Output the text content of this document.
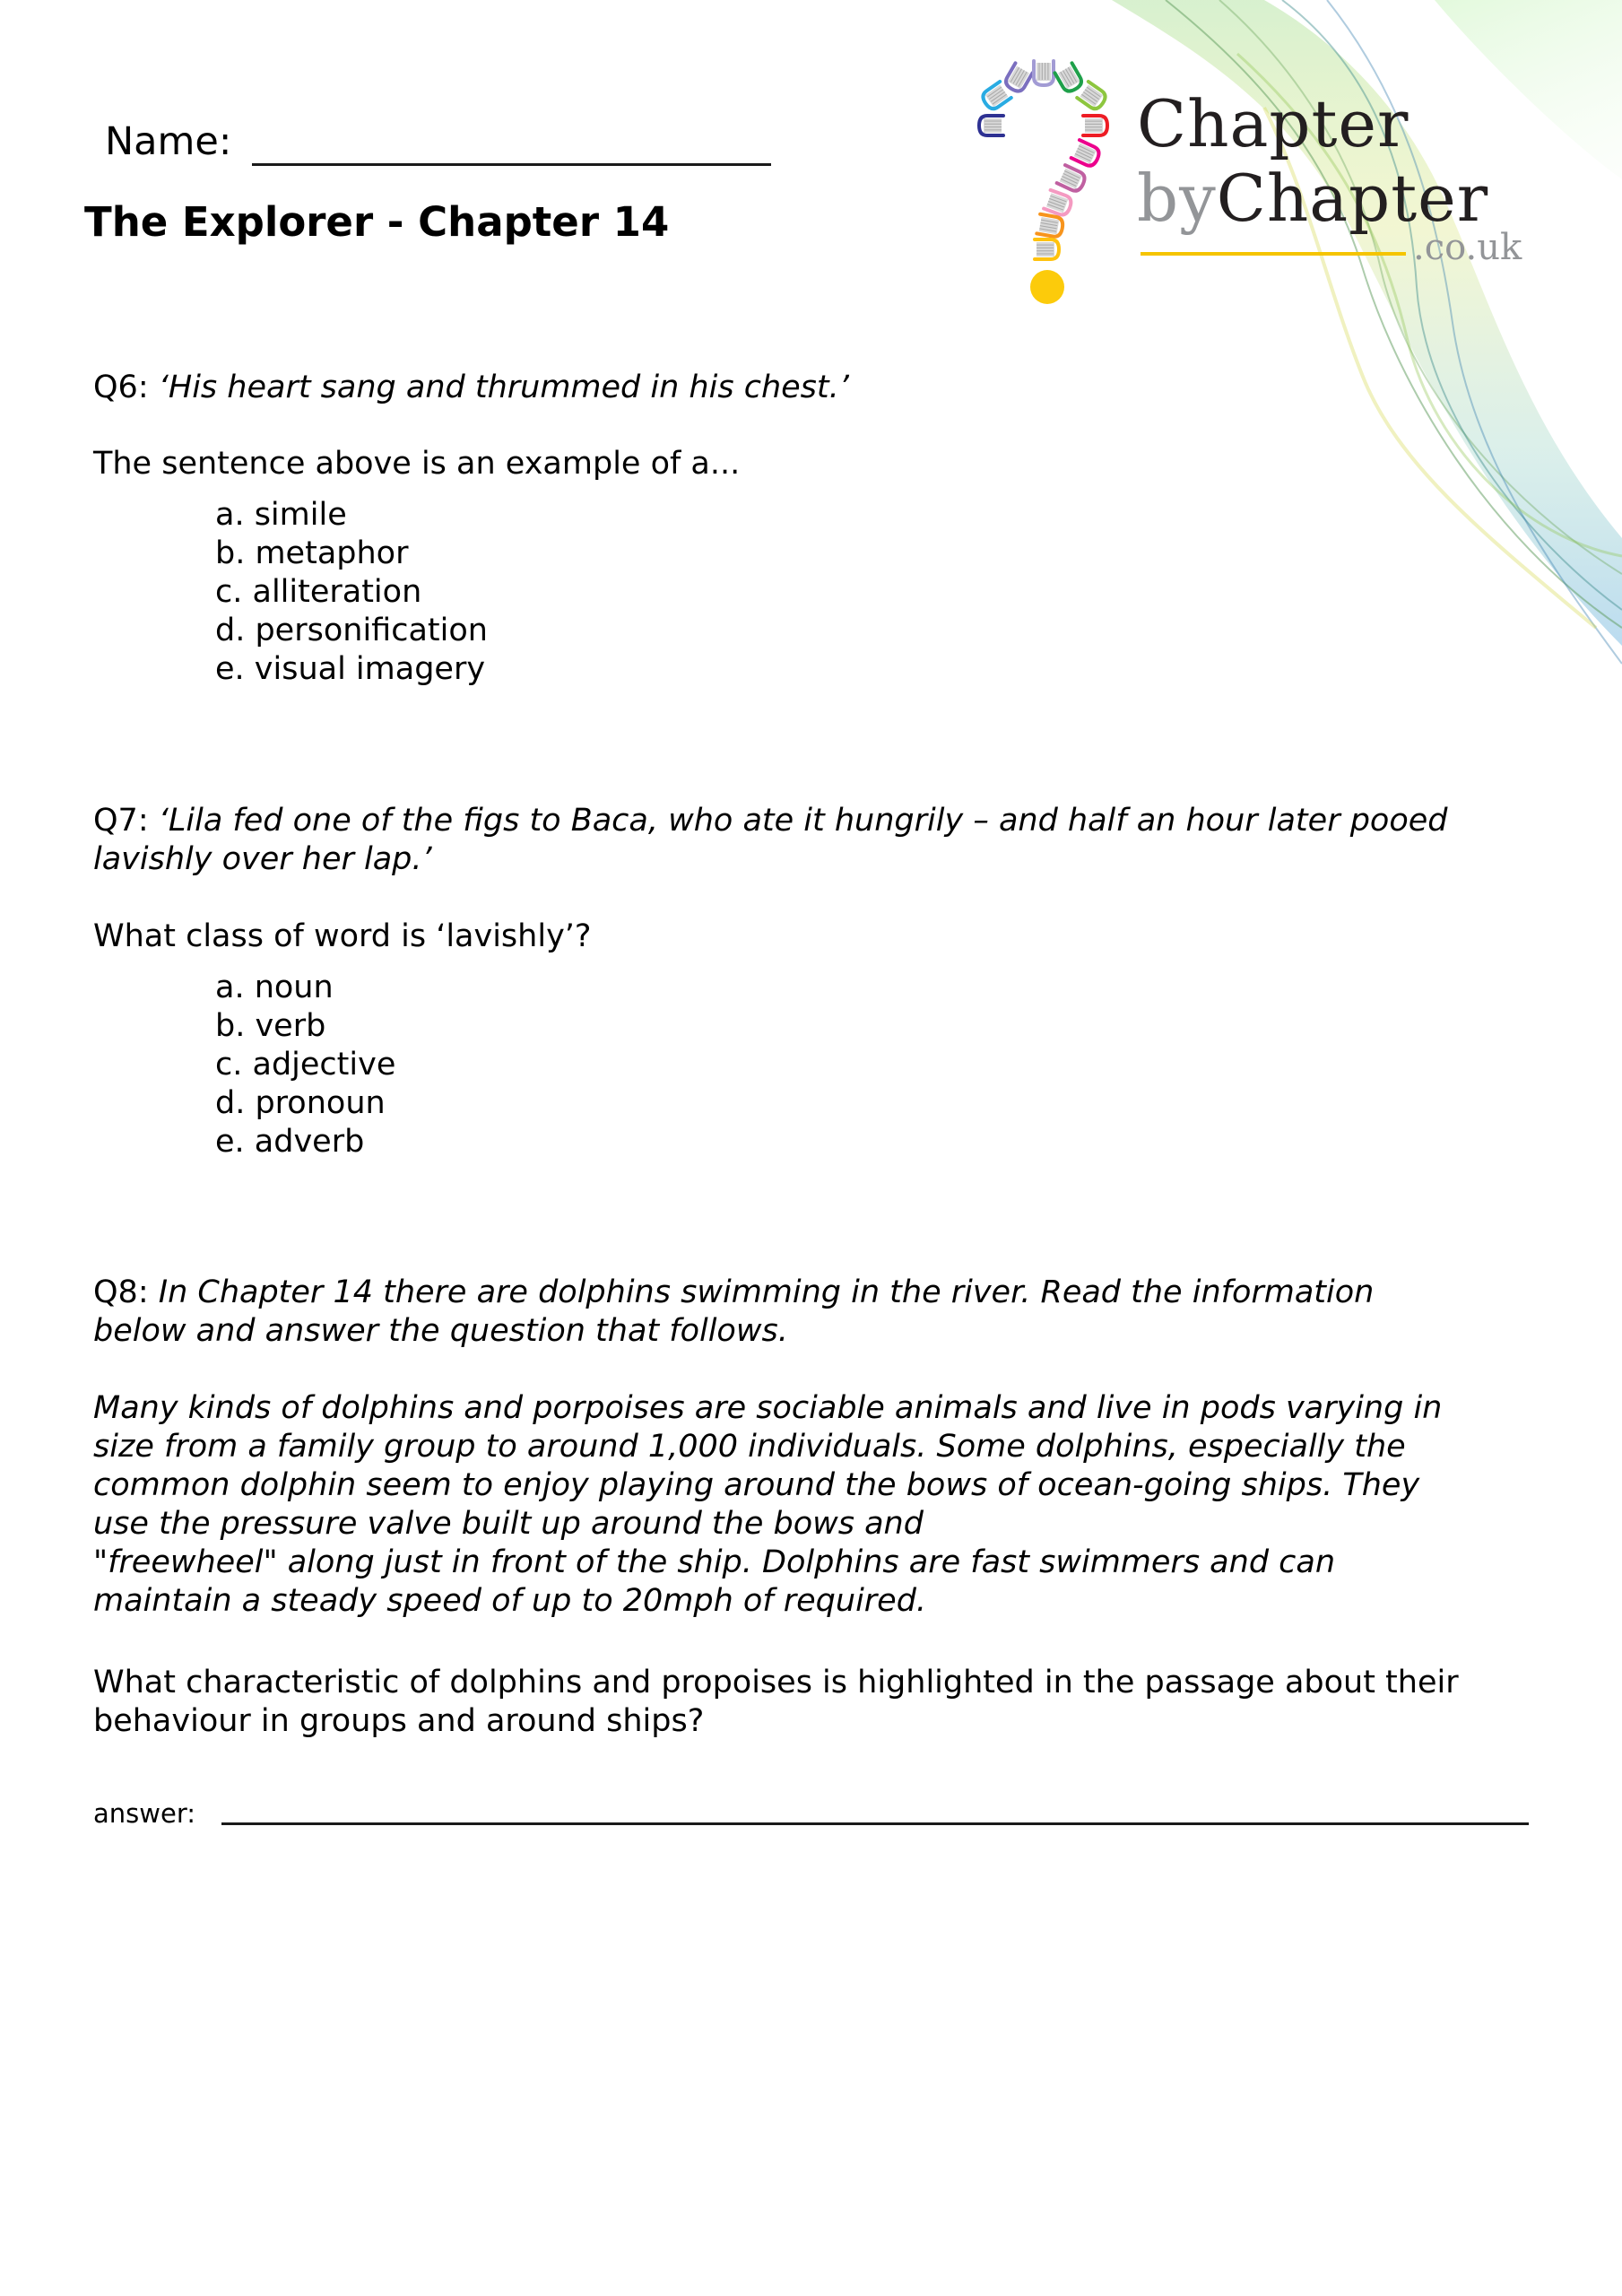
Chapter
byChapter
.co.uk
Name:
The Explorer - Chapter 14
Q6: ‘His heart sang and thrummed in his chest.’
The sentence above is an example of a...
a. simile
b. metaphor
c. alliteration
d. personification
e. visual imagery
Q7: ‘Lila fed one of the figs to Baca, who ate it hungrily – and half an hour later pooed
lavishly over her lap.’
What class of word is ‘lavishly’?
a. noun
b. verb
c. adjective
d. pronoun
e. adverb
Q8: In Chapter 14 there are dolphins swimming in the river. Read the information
below and answer the question that follows.
Many kinds of dolphins and porpoises are sociable animals and live in pods varying in
size from a family group to around 1,000 individuals. Some dolphins, especially the
common dolphin seem to enjoy playing around the bows of ocean-going ships. They
use the pressure valve built up around the bows and
"freewheel" along just in front of the ship. Dolphins are fast swimmers and can
maintain a steady speed of up to 20mph of required.
What characteristic of dolphins and propoises is highlighted in the passage about their
behaviour in groups and around ships?
answer:
